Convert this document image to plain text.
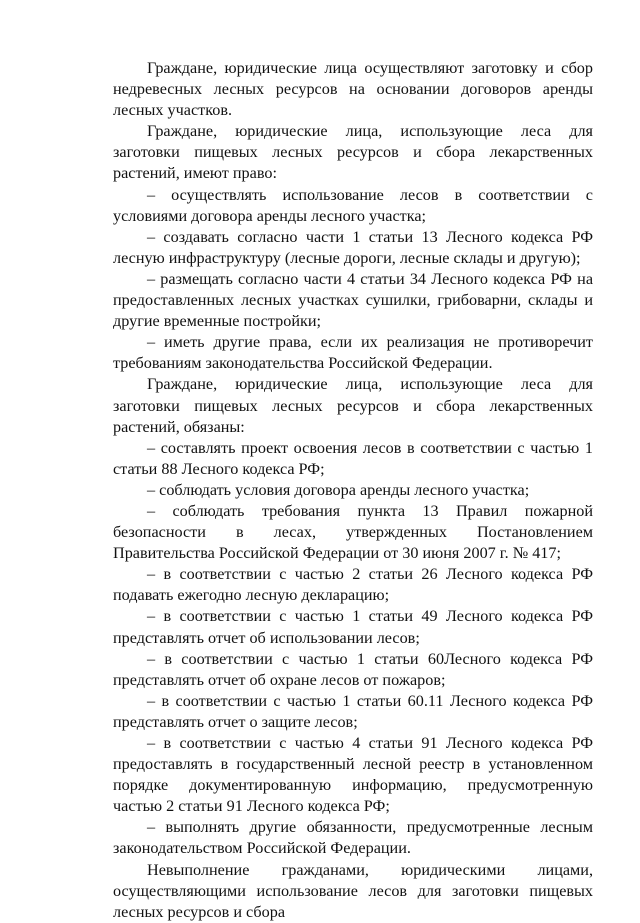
Граждане, юридические лица осуществляют заготовку и сбор недревесных лесных ресурсов на основании договоров аренды лесных участков.

Граждане, юридические лица, использующие леса для заготовки пищевых лесных ресурсов и сбора лекарственных растений, имеют право:

– осуществлять использование лесов в соответствии с условиями договора аренды лесного участка;

– создавать согласно части 1 статьи 13 Лесного кодекса РФ лесную инфраструктуру (лесные дороги, лесные склады и другую);

– размещать согласно части 4 статьи 34 Лесного кодекса РФ на предоставленных лесных участках сушилки, грибоварни, склады и другие временные постройки;

– иметь другие права, если их реализация не противоречит требованиям законодательства Российской Федерации.

Граждане, юридические лица, использующие леса для заготовки пищевых лесных ресурсов и сбора лекарственных растений, обязаны:

– составлять проект освоения лесов в соответствии с частью 1 статьи 88 Лесного кодекса РФ;

– соблюдать условия договора аренды лесного участка;

– соблюдать требования пункта 13 Правил пожарной безопасности в лесах, утвержденных Постановлением Правительства Российской Федерации от 30 июня 2007 г. № 417;

– в соответствии с частью 2 статьи 26 Лесного кодекса РФ подавать ежегодно лесную декларацию;

– в соответствии с частью 1 статьи 49 Лесного кодекса РФ представлять отчет об использовании лесов;

– в соответствии с частью 1 статьи 60Лесного кодекса РФ представлять отчет об охране лесов от пожаров;

– в соответствии с частью 1 статьи 60.11 Лесного кодекса РФ представлять отчет о защите лесов;

– в соответствии с частью 4 статьи 91 Лесного кодекса РФ предоставлять в государственный лесной реестр в установленном порядке документированную информацию, предусмотренную частью 2 статьи 91 Лесного кодекса РФ;

– выполнять другие обязанности, предусмотренные лесным законодательством Российской Федерации.

Невыполнение гражданами, юридическими лицами, осуществляющими использование лесов для заготовки пищевых лесных ресурсов и сбора
